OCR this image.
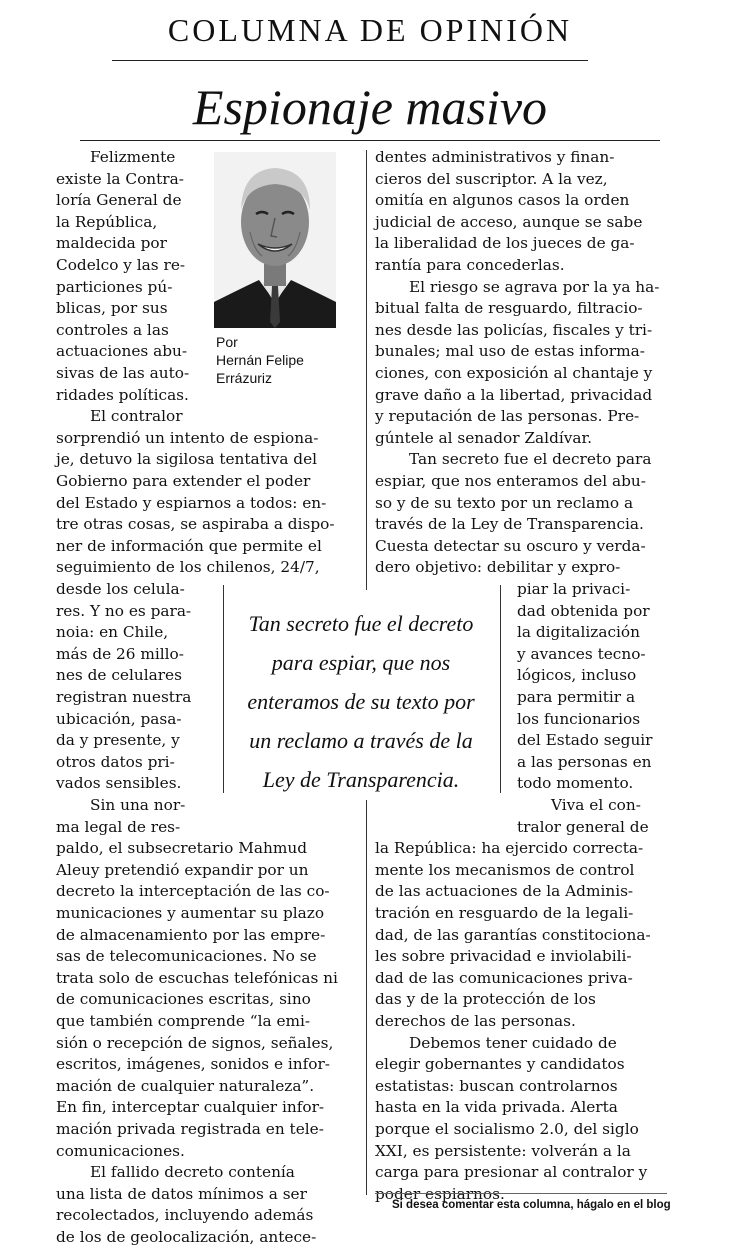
COLUMNA DE OPINIÓN
Espionaje masivo
Por
Hernán Felipe
Errázuriz
Felizmente
existe la Contra-
loría General de
la República,
maldecida por
Codelco y las re-
particiones pú-
blicas, por sus
controles a las
actuaciones abu-
sivas de las auto-
ridades políticas.
El contralor
sorprendió un intento de espiona-
je, detuvo la sigilosa tentativa del
Gobierno para extender el poder
del Estado y espiarnos a todos: en-
tre otras cosas, se aspiraba a dispo-
ner de información que permite el
seguimiento de los chilenos, 24/7,
desde los celula-
res. Y no es para-
noia: en Chile,
más de 26 millo-
nes de celulares
registran nuestra
ubicación, pasa-
da y presente, y
otros datos pri-
vados sensibles.
Sin una nor-
ma legal de res-
paldo, el subsecretario Mahmud
Aleuy pretendió expandir por un
decreto la interceptación de las co-
municaciones y aumentar su plazo
de almacenamiento por las empre-
sas de telecomunicaciones. No se
trata solo de escuchas telefónicas ni
de comunicaciones escritas, sino
que también comprende “la emi-
sión o recepción de signos, señales,
escritos, imágenes, sonidos e infor-
mación de cualquier naturaleza”.
En fin, interceptar cualquier infor-
mación privada registrada en tele-
comunicaciones.
El fallido decreto contenía
una lista de datos mínimos a ser
recolectados, incluyendo además
de los de geolocalización, antece-
dentes administrativos y finan-
cieros del suscriptor. A la vez,
omitía en algunos casos la orden
judicial de acceso, aunque se sabe
la liberalidad de los jueces de ga-
rantía para concederlas.
El riesgo se agrava por la ya ha-
bitual falta de resguardo, filtracio-
nes desde las policías, fiscales y tri-
bunales; mal uso de estas informa-
ciones, con exposición al chantaje y
grave daño a la libertad, privacidad
y reputación de las personas. Pre-
gúntele al senador Zaldívar.
Tan secreto fue el decreto para
espiar, que nos enteramos del abu-
so y de su texto por un reclamo a
través de la Ley de Transparencia.
Cuesta detectar su oscuro y verda-
dero objetivo: debilitar y expro-
piar la privaci-
dad obtenida por
la digitalización
y avances tecno-
lógicos, incluso
para permitir a
los funcionarios
del Estado seguir
a las personas en
todo momento.
Viva el con-
tralor general de
la República: ha ejercido correcta-
mente los mecanismos de control
de las actuaciones de la Adminis-
tración en resguardo de la legali-
dad, de las garantías constitociona-
les sobre privacidad e inviolabili-
dad de las comunicaciones priva-
das y de la protección de los
derechos de las personas.
Debemos tener cuidado de
elegir gobernantes y candidatos
estatistas: buscan controlarnos
hasta en la vida privada. Alerta
porque el socialismo 2.0, del siglo
XXI, es persistente: volverán a la
carga para presionar al contralor y
poder espiarnos.
Tan secreto fue el decreto
para espiar, que nos
enteramos de su texto por
un reclamo a través de la
Ley de Transparencia.
Si desea comentar esta columna, hágalo en el blog
